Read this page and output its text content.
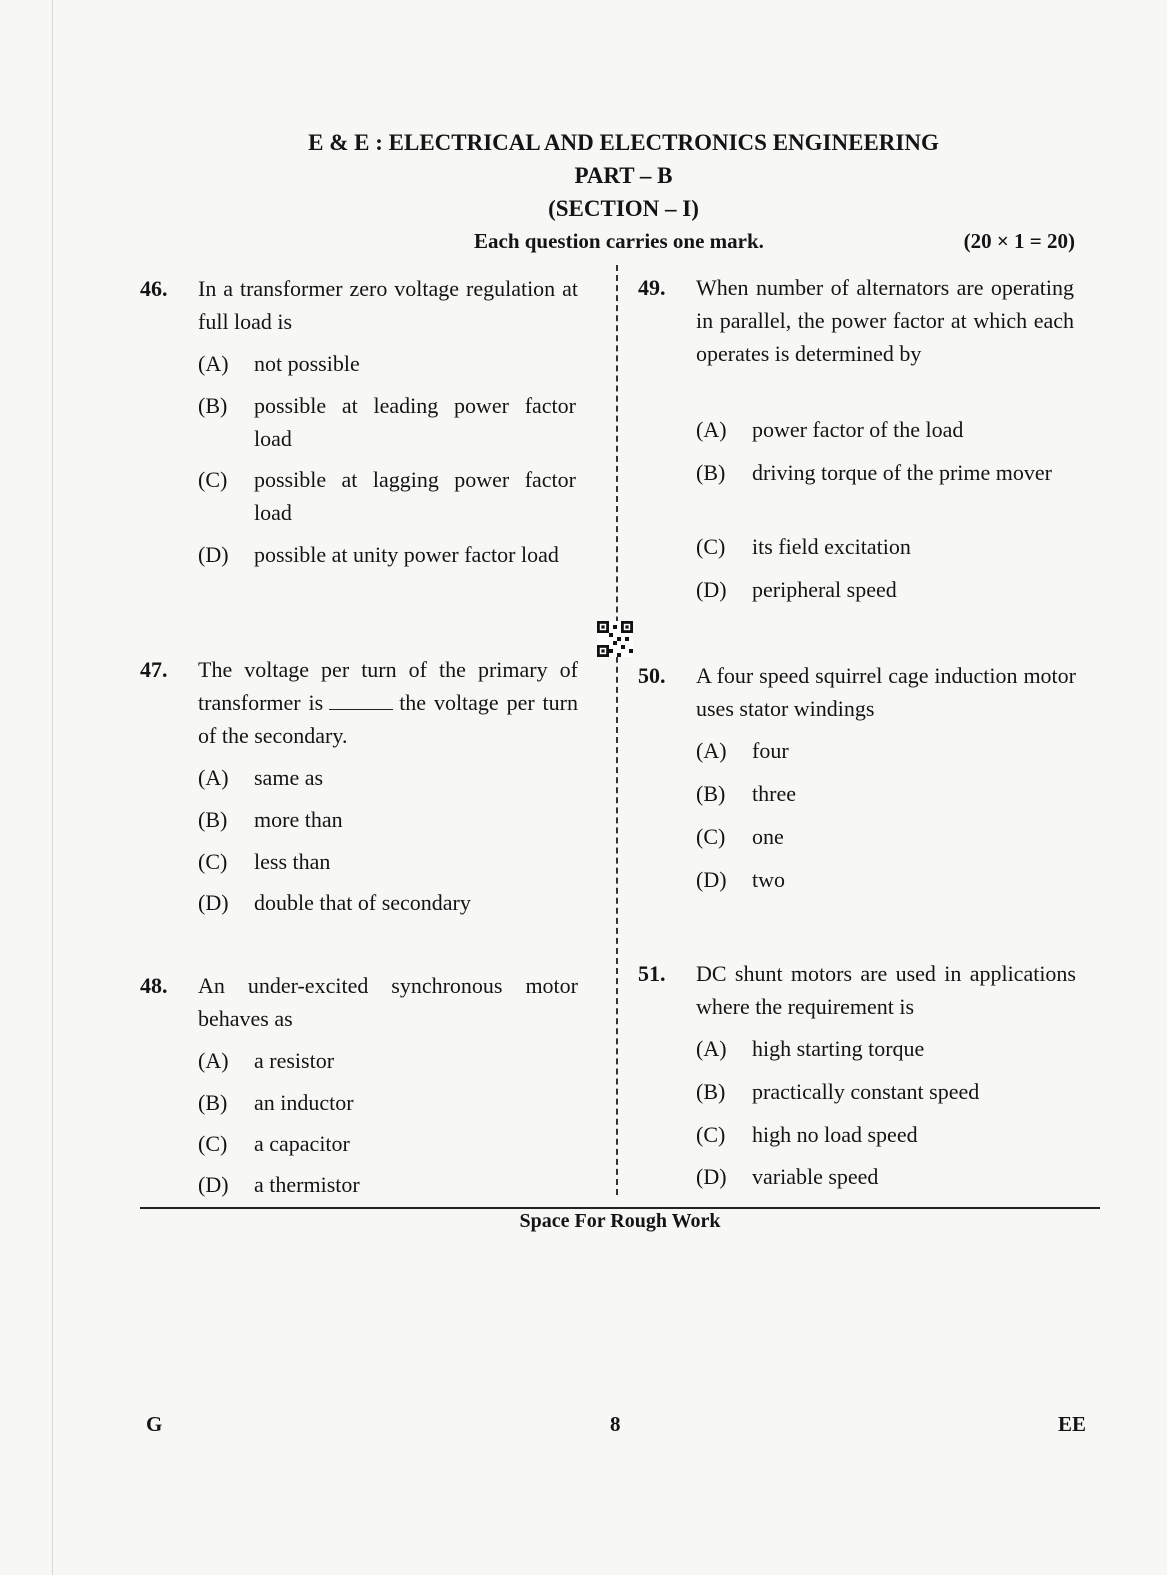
E & E : ELECTRICAL AND ELECTRONICS ENGINEERING
PART – B
(SECTION – I)
Each question carries one mark.	(20 × 1 = 20)
46. In a transformer zero voltage regulation at full load is
(A) not possible
(B) possible at leading power factor load
(C) possible at lagging power factor load
(D) possible at unity power factor load
47. The voltage per turn of the primary of transformer is	the voltage per turn of the secondary.
(A) same as
(B) more than
(C) less than
(D) double that of secondary
48. An under-excited synchronous motor behaves as
(A) a resistor
(B) an inductor
(C) a capacitor
(D) a thermistor
49. When number of alternators are operating in parallel, the power factor at which each operates is determined by
(A) power factor of the load
(B) driving torque of the prime mover
(C) its field excitation
(D) peripheral speed
50. A four speed squirrel cage induction motor uses stator windings
(A) four
(B) three
(C) one
(D) two
51. DC shunt motors are used in applications where the requirement is
(A) high starting torque
(B) practically constant speed
(C) high no load speed
(D) variable speed
Space For Rough Work
G	8	EE
